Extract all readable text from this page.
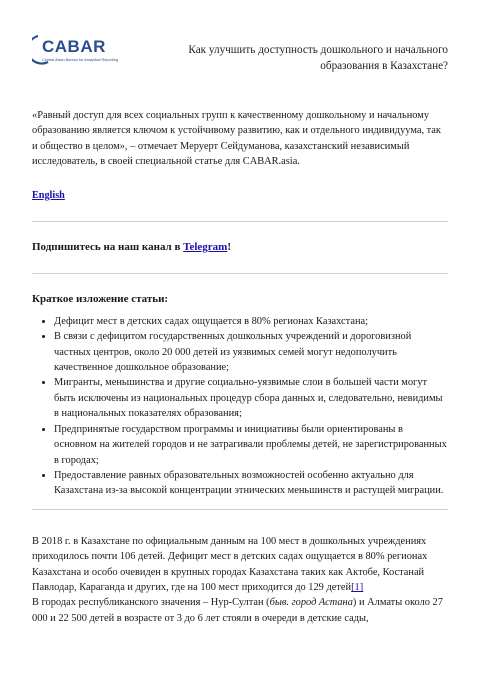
CABAR
Central Asian Bureau for Analytical Reporting
Как улучшить доступность дошкольного и начального образования в Казахстане?

«Равный доступ для всех социальных групп к качественному дошкольному и начальному образованию является ключом к устойчивому развитию, как и отдельного индивидуума, так и общество в целом», – отмечает Меруерт Сейдуманова, казахстанский независимый исследователь, в своей специальной статье для CABAR.asia.

English

Подпишитесь на наш канал в Telegram!

Краткое изложение статьи:

• Дефицит мест в детских садах ощущается в 80% регионах Казахстана;
• В связи с дефицитом государственных дошкольных учреждений и дороговизной частных центров, около 20 000 детей из уязвимых семей могут недополучить качественное дошкольное образование;
• Мигранты, меньшинства и другие социально-уязвимые слои в большей части могут быть исключены из национальных процедур сбора данных и, следовательно, невидимы в национальных показателях образования;
• Предпринятые государством программы и инициативы были ориентированы в основном на жителей городов и не затрагивали проблемы детей, не зарегистрированных в городах;
• Предоставление равных образовательных возможностей особенно актуально для Казахстана из-за высокой концентрации этнических меньшинств и растущей миграции.

В 2018 г. в Казахстане по официальным данным на 100 мест в дошкольных учреждениях приходилось почти 106 детей. Дефицит мест в детских садах ощущается в 80% регионах Казахстана и особо очевиден в крупных городах Казахстана таких как Актобе, Костанай Павлодар, Караганда и других, где на 100 мест приходится до 129 детей[1]

В городах республиканского значения – Нур-Султан (быв. город Астана) и Алматы около 27 000 и 22 500 детей в возрасте от 3 до 6 лет стояли в очереди в детские сады,
